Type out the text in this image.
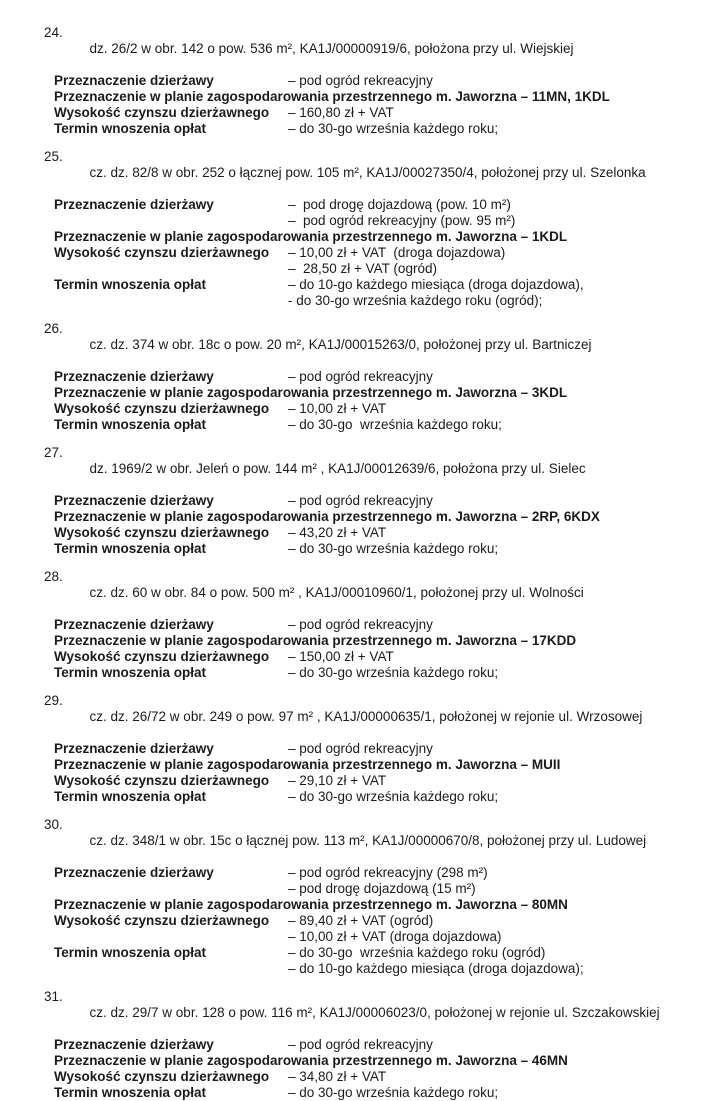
24.
dz. 26/2 w obr. 142 o pow. 536 m², KA1J/00000919/6, położona przy ul. Wiejskiej

Przeznaczenie dzierżawy	– pod ogród rekreacyjny
Przeznaczenie w planie zagospodarowania przestrzennego m. Jaworzna – 11MN, 1KDL
Wysokość czynszu dzierżawnego	– 160,80 zł + VAT
Termin wnoszenia opłat	– do 30-go września każdego roku;

25.
cz. dz. 82/8 w obr. 252 o łącznej pow. 105 m², KA1J/00027350/4, położonej przy ul. Szelonka

Przeznaczenie dzierżawy	–  pod drogę dojazdową (pow. 10 m²)
–  pod ogród rekreacyjny (pow. 95 m²)
Przeznaczenie w planie zagospodarowania przestrzennego m. Jaworzna – 1KDL
Wysokość czynszu dzierżawnego	– 10,00 zł + VAT  (droga dojazdowa)
–  28,50 zł + VAT (ogród)
Termin wnoszenia opłat	– do 10-go każdego miesiąca (droga dojazdowa),
- do 30-go września każdego roku (ogród);

26.
cz. dz. 374 w obr. 18c o pow. 20 m², KA1J/00015263/0, położonej przy ul. Bartniczej

Przeznaczenie dzierżawy	– pod ogród rekreacyjny
Przeznaczenie w planie zagospodarowania przestrzennego m. Jaworzna – 3KDL
Wysokość czynszu dzierżawnego	– 10,00 zł + VAT
Termin wnoszenia opłat	– do 30-go  września każdego roku;

27.
dz. 1969/2 w obr. Jeleń o pow. 144 m² , KA1J/00012639/6, położona przy ul. Sielec

Przeznaczenie dzierżawy	– pod ogród rekreacyjny
Przeznaczenie w planie zagospodarowania przestrzennego m. Jaworzna – 2RP, 6KDX
Wysokość czynszu dzierżawnego	– 43,20 zł + VAT
Termin wnoszenia opłat	– do 30-go września każdego roku;

28.
cz. dz. 60 w obr. 84 o pow. 500 m² , KA1J/00010960/1, położonej przy ul. Wolności

Przeznaczenie dzierżawy	– pod ogród rekreacyjny
Przeznaczenie w planie zagospodarowania przestrzennego m. Jaworzna – 17KDD
Wysokość czynszu dzierżawnego	– 150,00 zł + VAT
Termin wnoszenia opłat	– do 30-go września każdego roku;

29.
cz. dz. 26/72 w obr. 249 o pow. 97 m² , KA1J/00000635/1, położonej w rejonie ul. Wrzosowej

Przeznaczenie dzierżawy	– pod ogród rekreacyjny
Przeznaczenie w planie zagospodarowania przestrzennego m. Jaworzna – MUII
Wysokość czynszu dzierżawnego	– 29,10 zł + VAT
Termin wnoszenia opłat	– do 30-go września każdego roku;

30.
cz. dz. 348/1 w obr. 15c o łącznej pow. 113 m², KA1J/00000670/8, położonej przy ul. Ludowej

Przeznaczenie dzierżawy	– pod ogród rekreacyjny (298 m²)
– pod drogę dojazdową (15 m²)
Przeznaczenie w planie zagospodarowania przestrzennego m. Jaworzna – 80MN
Wysokość czynszu dzierżawnego	– 89,40 zł + VAT (ogród)
– 10,00 zł + VAT (droga dojazdowa)
Termin wnoszenia opłat	– do 30-go  września każdego roku (ogród)
– do 10-go każdego miesiąca (droga dojazdowa);

31.
cz. dz. 29/7 w obr. 128 o pow. 116 m², KA1J/00006023/0, położonej w rejonie ul. Szczakowskiej

Przeznaczenie dzierżawy	– pod ogród rekreacyjny
Przeznaczenie w planie zagospodarowania przestrzennego m. Jaworzna – 46MN
Wysokość czynszu dzierżawnego	– 34,80 zł + VAT
Termin wnoszenia opłat	– do 30-go września każdego roku;
